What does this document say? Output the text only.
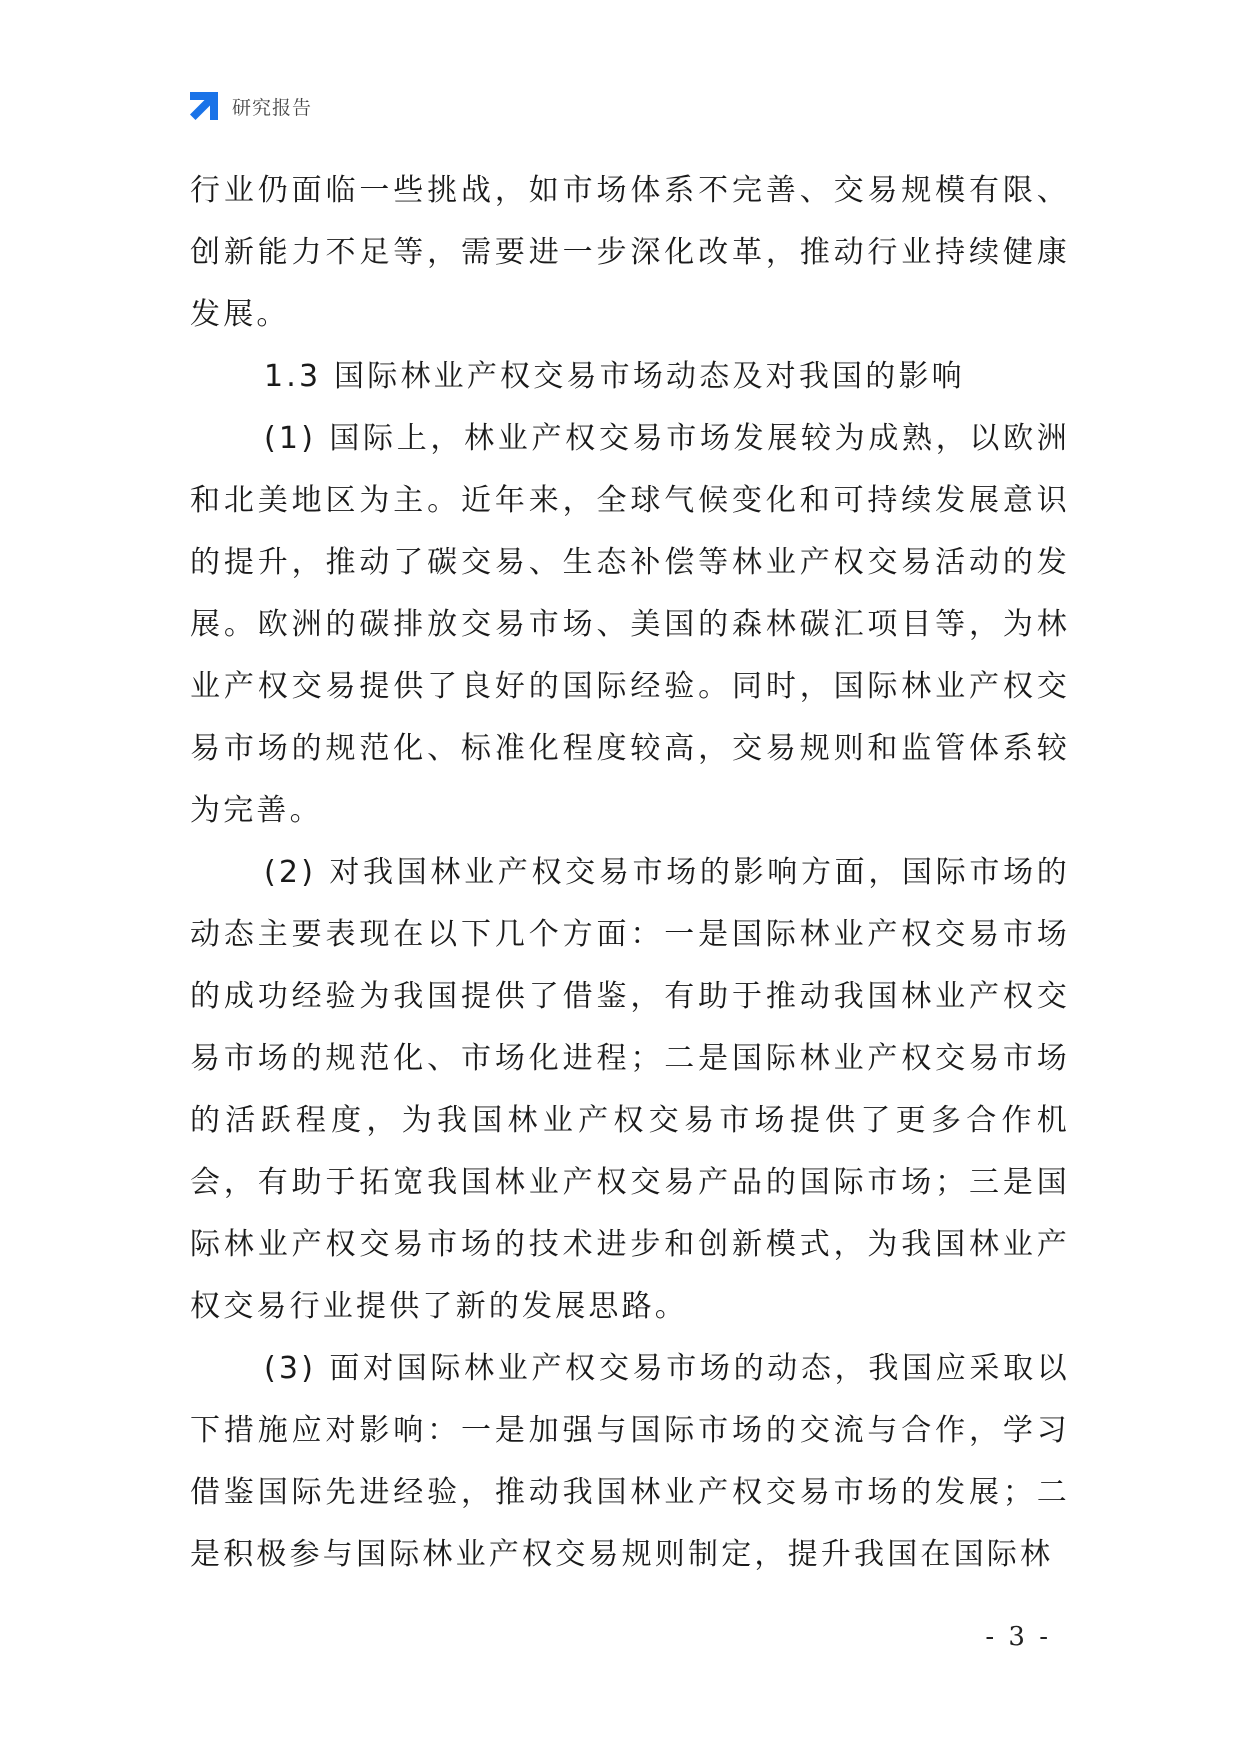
研究报告

行业仍面临一些挑战，如市场体系不完善、交易规模有限、创新能力不足等，需要进一步深化改革，推动行业持续健康发展。

1.3 国际林业产权交易市场动态及对我国的影响

(1) 国际上，林业产权交易市场发展较为成熟，以欧洲和北美地区为主。近年来，全球气候变化和可持续发展意识的提升，推动了碳交易、生态补偿等林业产权交易活动的发展。欧洲的碳排放交易市场、美国的森林碳汇项目等，为林业产权交易提供了良好的国际经验。同时，国际林业产权交易市场的规范化、标准化程度较高，交易规则和监管体系较为完善。

(2) 对我国林业产权交易市场的影响方面，国际市场的动态主要表现在以下几个方面：一是国际林业产权交易市场的成功经验为我国提供了借鉴，有助于推动我国林业产权交易市场的规范化、市场化进程；二是国际林业产权交易市场的活跃程度，为我国林业产权交易市场提供了更多合作机会，有助于拓宽我国林业产权交易产品的国际市场；三是国际林业产权交易市场的技术进步和创新模式，为我国林业产权交易行业提供了新的发展思路。

(3) 面对国际林业产权交易市场的动态，我国应采取以下措施应对影响：一是加强与国际市场的交流与合作，学习借鉴国际先进经验，推动我国林业产权交易市场的发展；二是积极参与国际林业产权交易规则制定，提升我国在国际林

- 3 -
